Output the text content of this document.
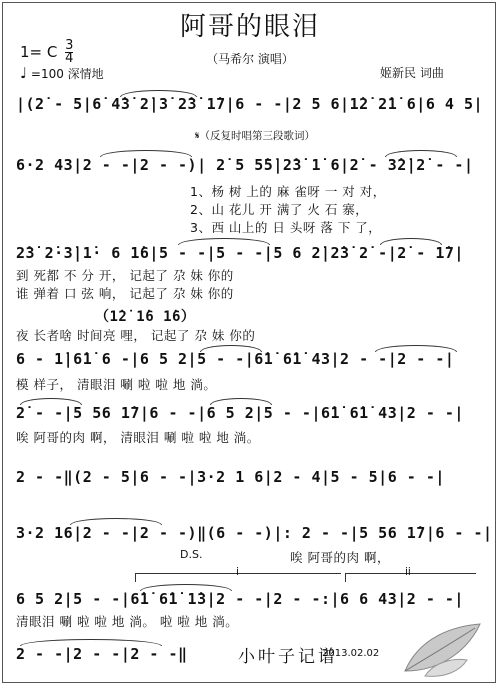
阿哥的眼泪
（马希尔 演唱）
1= C $\frac{3}{4}$
♩ =100 深情地	姬新民 词曲
|(2̇ - 5|6̇ 4̇3̇ 2̇|3̇ 2̇3̇ 1̇7|6 - -|2 5 6|1̇2̇ 2̇1̇ 6|6 4 5|
𝄋（反复时唱第三段歌词）
6·2 43|2 - -|2 - -)| 2̇ 5 5̇5̇|2̇3̇ 1̇ 6|2̇ - 3̇2̇|2̇ - -|
1、杨 树 上的 麻 雀呀 一 对 对，
2、山 花儿 开 满了 火 石 寨，
3、西 山上的 日 头呀 落 下 了，
2̇3̇ 2̇·3̇|1̇· 6 1̇6|5 - -|5 - -|5 6 2̇|2̇3̇ 2̇ -|2̇ - 1̇7|
到 死都 不 分 开， 记起了 尕 妹 你的
谁 弹着 口 弦 响， 记起了 尕 妹 你的
（1̇2̇ 1̇6 1̇6）
夜 长者啥 时间亮 哩， 记起了 尕 妹 你的
6 - 1̇|6̇1̇ 6 -|6 5 2|5 - -|6̇1̇ 6̇1̇ 43|2 - -|2 - -|
模 样子， 清眼泪 唰 啦 啦 地 淌。
2̇ - -|5 56 1̇7|6 - -|6 5 2|5 - -|6̇1̇ 6̇1̇ 43|2 - -|
唉 阿哥的肉 啊， 清眼泪 唰 啦 啦 地 淌。
2 - -‖(2 - 5|6 - -|3·2 1 6|2 - 4|5 - 5|6 - -|
3·2 16|2 - -|2 - -)‖(6 - -)|: 2 - -|5 56 1̇7|6 - -|
D.S.	唉 阿哥的肉 啊，
i	ii
6 5 2|5 - -|6̇1̇ 6̇1̇ 1̇3|2 - -|2 - -:|6 6 43|2 - -|
清眼泪 唰 啦 啦 地 淌。 啦 啦 地 淌。
2 - -|2 - -|2 - -‖	小叶子记谱
2013.02.02
